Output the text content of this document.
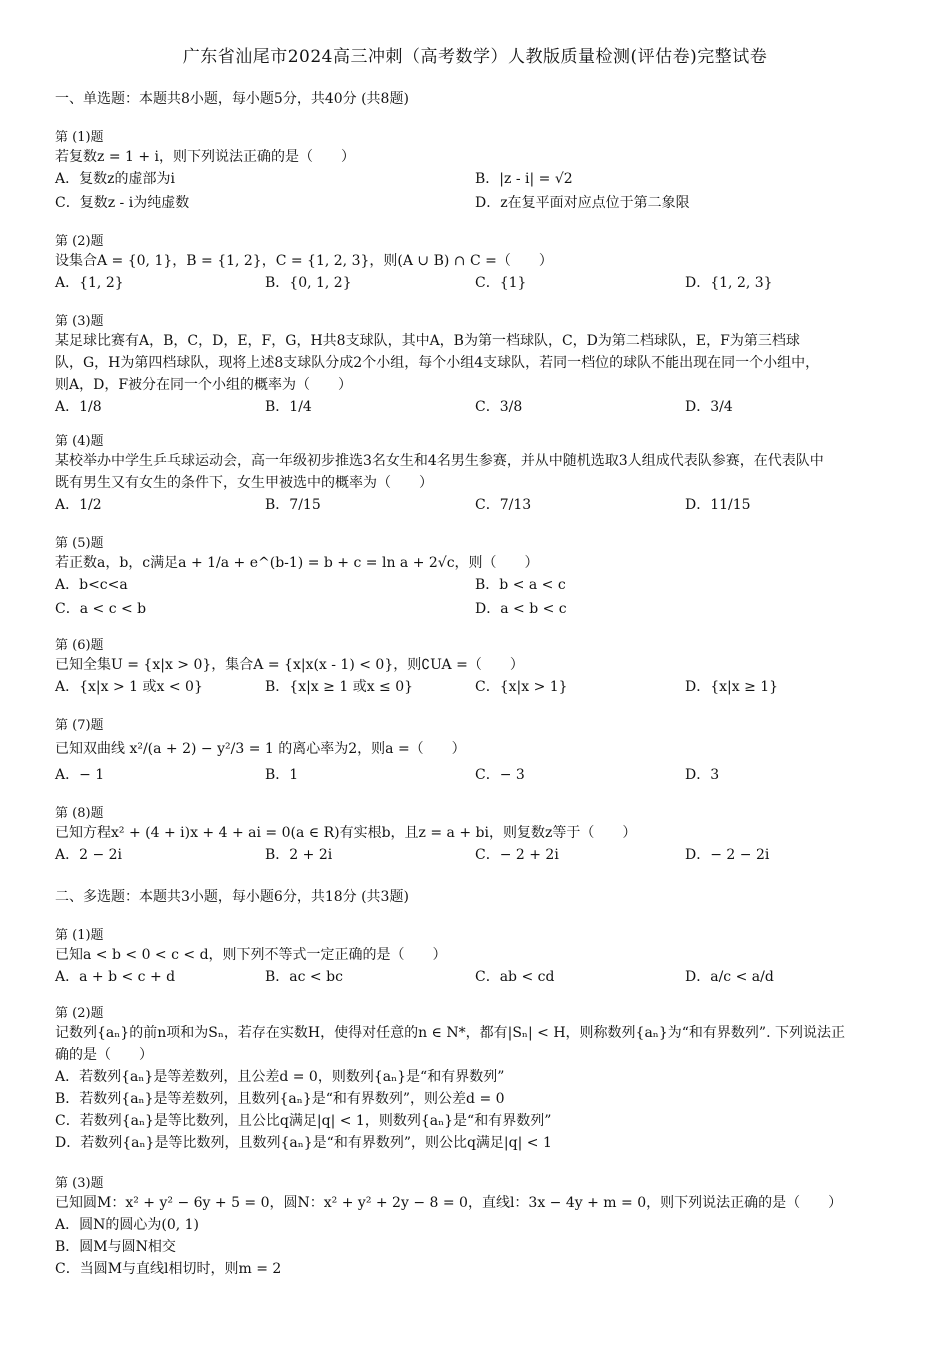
广东省汕尾市2024高三冲刺（高考数学）人教版质量检测(评估卷)完整试卷
一、单选题：本题共8小题，每小题5分，共40分 (共8题)
第 (1)题
若复数z = 1 + i，则下列说法正确的是（　　）
A．复数z的虚部为i	B．|z - i| = √2
C．复数z - i为纯虚数	D．z在复平面对应点位于第二象限
第 (2)题
设集合A = {0, 1}，B = {1, 2}，C = {1, 2, 3}，则(A ∪ B) ∩ C =（　　）
A．{1, 2}	B．{0, 1, 2}	C．{1}	D．{1, 2, 3}
第 (3)题
某足球比赛有A，B，C，D，E，F，G，H共8支球队，其中A，B为第一档球队，C，D为第二档球队，E，F为第三档球
队，G，H为第四档球队，现将上述8支球队分成2个小组，每个小组4支球队，若同一档位的球队不能出现在同一个小组中，
则A，D，F被分在同一个小组的概率为（　　）
A．1/8	B．1/4	C．3/8	D．3/4
第 (4)题
某校举办中学生乒乓球运动会，高一年级初步推选3名女生和4名男生参赛，并从中随机选取3人组成代表队参赛，在代表队中
既有男生又有女生的条件下，女生甲被选中的概率为（　　）
A．1/2	B．7/15	C．7/13	D．11/15
第 (5)题
若正数a，b，c满足a + 1/a + e^(b-1) = b + c = ln a + 2√c，则（　　）
A．b<c<a	B．b < a < c
C．a < c < b	D．a < b < c
第 (6)题
已知全集U = {x|x > 0}，集合A = {x|x(x - 1) < 0}，则∁UA =（　　）
A．{x|x > 1 或x < 0}	B．{x|x ≥ 1 或x ≤ 0}	C．{x|x > 1}	D．{x|x ≥ 1}
第 (7)题
已知双曲线 x²/(a + 2) − y²/3 = 1 的离心率为2，则a =（　　）
A．− 1	B．1	C．− 3	D．3
第 (8)题
已知方程x² + (4 + i)x + 4 + ai = 0(a ∈ R)有实根b，且z = a + bi，则复数z等于（　　）
A．2 − 2i	B．2 + 2i	C．− 2 + 2i	D．− 2 − 2i
二、多选题：本题共3小题，每小题6分，共18分 (共3题)
第 (1)题
已知a < b < 0 < c < d，则下列不等式一定正确的是（　　）
A．a + b < c + d	B．ac < bc	C．ab < cd	D．a/c < a/d
第 (2)题
记数列{aₙ}的前n项和为Sₙ，若存在实数H，使得对任意的n ∈ N*，都有|Sₙ| < H，则称数列{aₙ}为“和有界数列”. 下列说法正
确的是（　　）
A．若数列{aₙ}是等差数列，且公差d = 0，则数列{aₙ}是“和有界数列”
B．若数列{aₙ}是等差数列，且数列{aₙ}是“和有界数列”，则公差d = 0
C．若数列{aₙ}是等比数列，且公比q满足|q| < 1，则数列{aₙ}是“和有界数列”
D．若数列{aₙ}是等比数列，且数列{aₙ}是“和有界数列”，则公比q满足|q| < 1
第 (3)题
已知圆M：x² + y² − 6y + 5 = 0，圆N：x² + y² + 2y − 8 = 0，直线l：3x − 4y + m = 0，则下列说法正确的是（　　）
A．圆N的圆心为(0, 1)
B．圆M与圆N相交
C．当圆M与直线l相切时，则m = 2
